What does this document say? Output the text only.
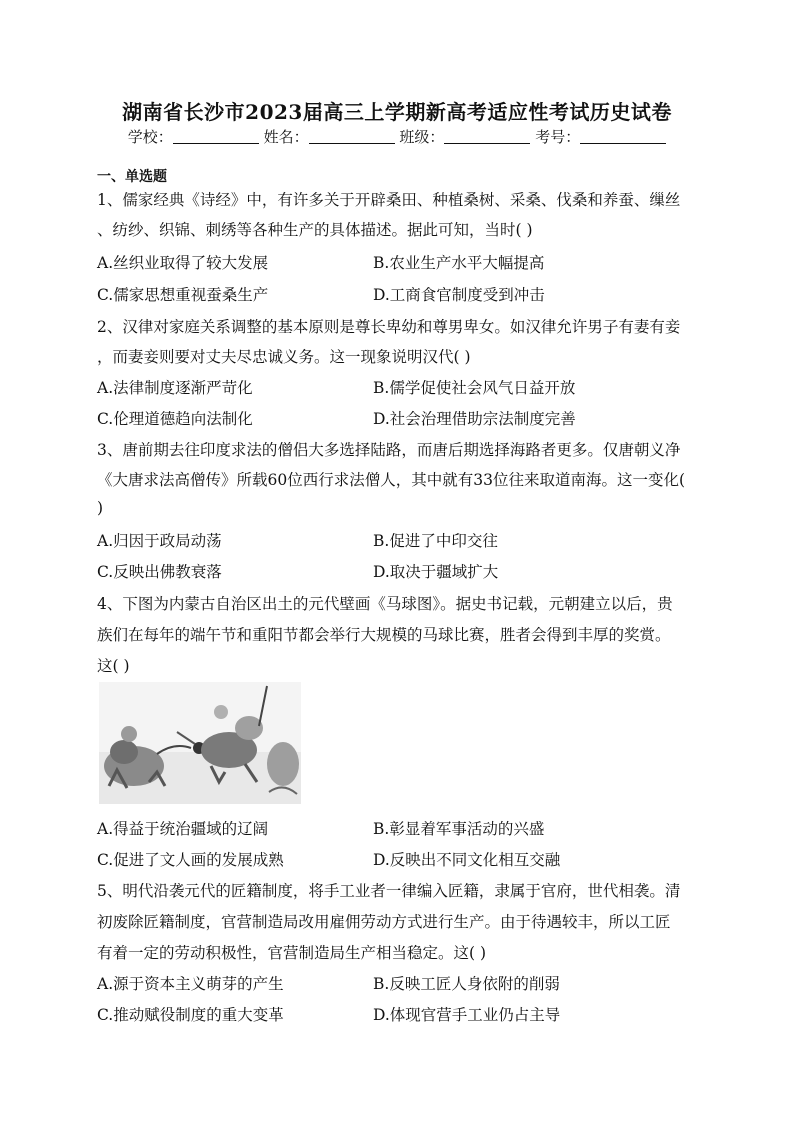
湖南省长沙市2023届高三上学期新高考适应性考试历史试卷
学校：	姓名：	班级：	考号：
一、单选题
1、儒家经典《诗经》中，有许多关于开辟桑田、种植桑树、采桑、伐桑和养蚕、缫丝
、纺纱、织锦、刺绣等各种生产的具体描述。据此可知，当时( )
A.丝织业取得了较大发展	B.农业生产水平大幅提高
C.儒家思想重视蚕桑生产	D.工商食官制度受到冲击
2、汉律对家庭关系调整的基本原则是尊长卑幼和尊男卑女。如汉律允许男子有妻有妾
，而妻妾则要对丈夫尽忠诚义务。这一现象说明汉代( )
A.法律制度逐渐严苛化	B.儒学促使社会风气日益开放
C.伦理道德趋向法制化	D.社会治理借助宗法制度完善
3、唐前期去往印度求法的僧侣大多选择陆路，而唐后期选择海路者更多。仅唐朝义净
《大唐求法高僧传》所载60位西行求法僧人，其中就有33位往来取道南海。这一变化(
)
A.归因于政局动荡	B.促进了中印交往
C.反映出佛教衰落	D.取决于疆域扩大
4、下图为内蒙古自治区出土的元代壁画《马球图》。据史书记载，元朝建立以后，贵
族们在每年的端午节和重阳节都会举行大规模的马球比赛，胜者会得到丰厚的奖赏。
这( )
A.得益于统治疆域的辽阔	B.彰显着军事活动的兴盛
C.促进了文人画的发展成熟	D.反映出不同文化相互交融
5、明代沿袭元代的匠籍制度，将手工业者一律编入匠籍，隶属于官府，世代相袭。清
初废除匠籍制度，官营制造局改用雇佣劳动方式进行生产。由于待遇较丰，所以工匠
有着一定的劳动积极性，官营制造局生产相当稳定。这( )
A.源于资本主义萌芽的产生	B.反映工匠人身依附的削弱
C.推动赋役制度的重大变革	D.体现官营手工业仍占主导
